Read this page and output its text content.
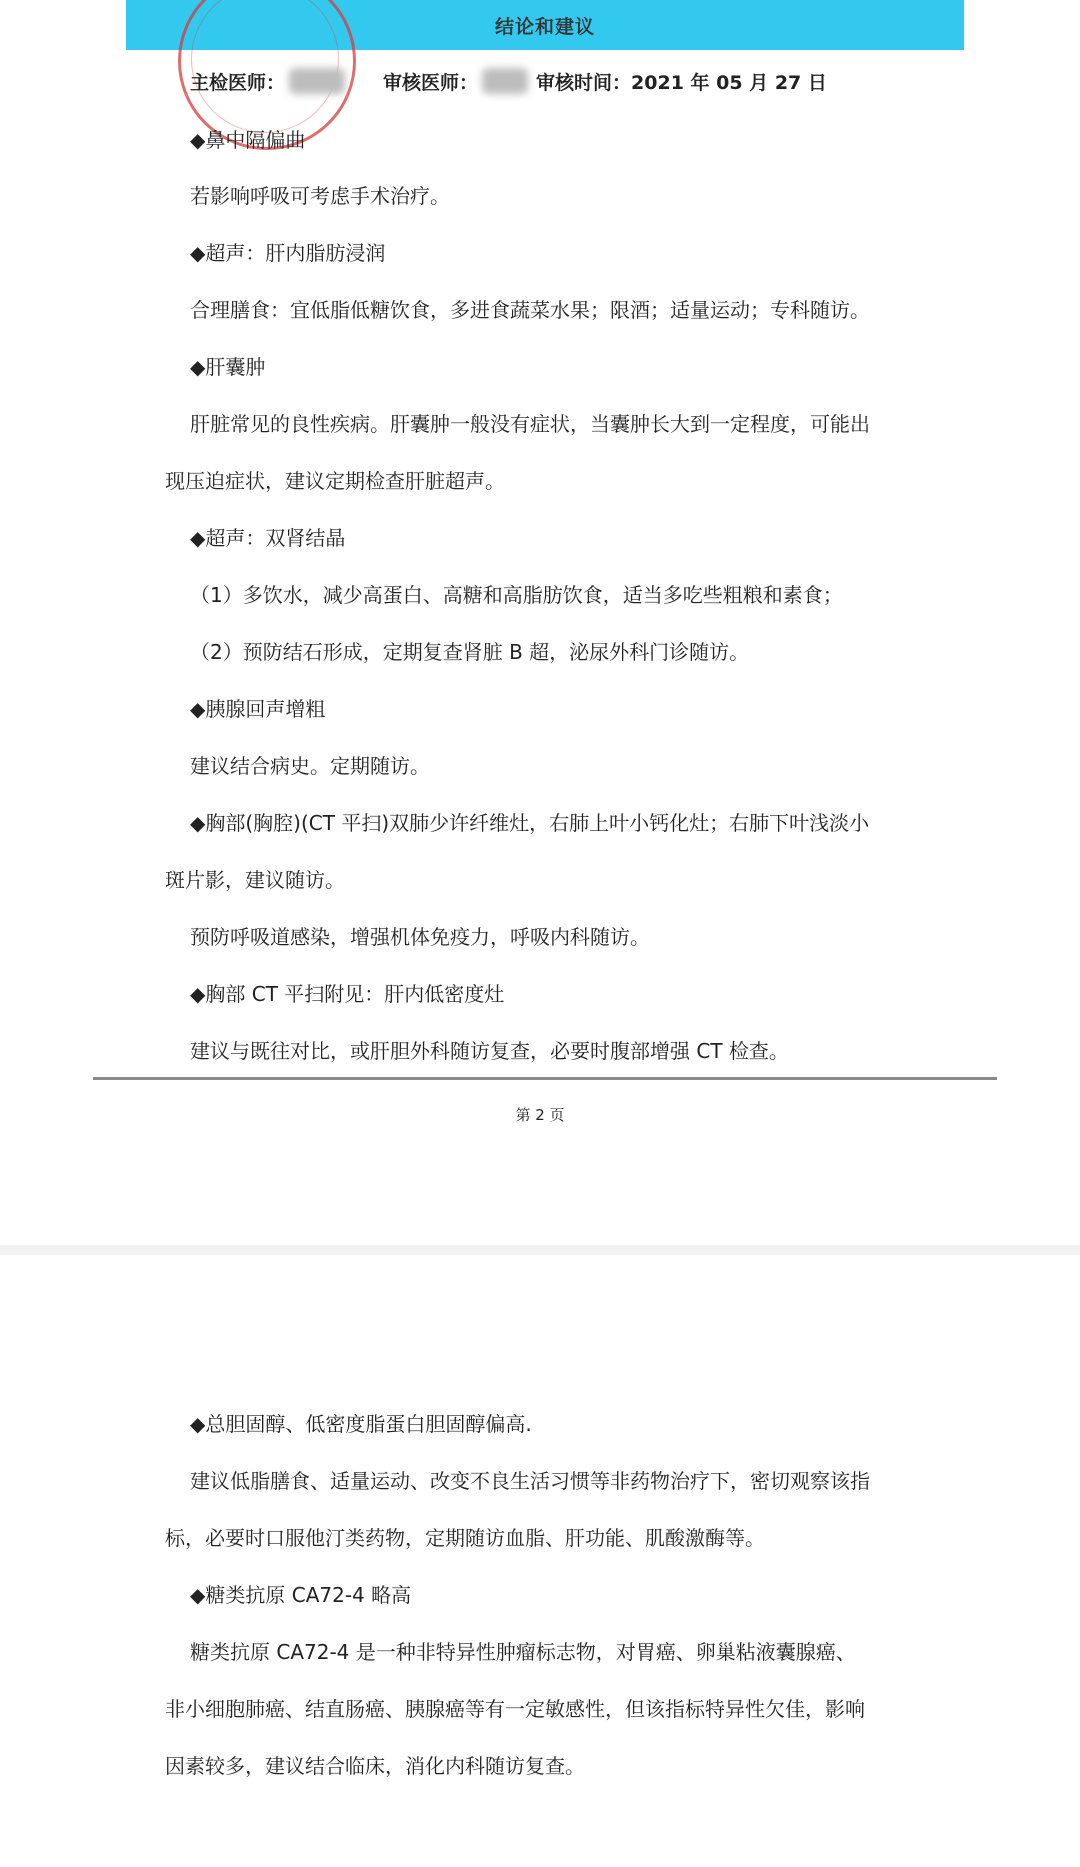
结论和建议
主检医师：	审核医师：	审核时间： 2021 年 05 月 27 日
◆鼻中隔偏曲
若影响呼吸可考虑手术治疗。
◆超声：肝内脂肪浸润
合理膳食：宜低脂低糖饮食，多进食蔬菜水果；限酒；适量运动；专科随访。
◆肝囊肿
肝脏常见的良性疾病。肝囊肿一般没有症状，当囊肿长大到一定程度，可能出
现压迫症状，建议定期检查肝脏超声。
◆超声：双肾结晶
（1）多饮水，减少高蛋白、高糖和高脂肪饮食，适当多吃些粗粮和素食；
（2）预防结石形成，定期复查肾脏 B 超，泌尿外科门诊随访。
◆胰腺回声增粗
建议结合病史。定期随访。
◆胸部(胸腔)(CT 平扫)双肺少许纤维灶，右肺上叶小钙化灶；右肺下叶浅淡小
斑片影，建议随访。
预防呼吸道感染，增强机体免疫力，呼吸内科随访。
◆胸部 CT 平扫附见：肝内低密度灶
建议与既往对比，或肝胆外科随访复查，必要时腹部增强 CT 检查。
第 2 页
◆总胆固醇、低密度脂蛋白胆固醇偏高.
建议低脂膳食、适量运动、改变不良生活习惯等非药物治疗下，密切观察该指
标，必要时口服他汀类药物，定期随访血脂、肝功能、肌酸激酶等。
◆糖类抗原 CA72-4 略高
糖类抗原 CA72-4 是一种非特异性肿瘤标志物，对胃癌、卵巢粘液囊腺癌、
非小细胞肺癌、结直肠癌、胰腺癌等有一定敏感性，但该指标特异性欠佳，影响
因素较多，建议结合临床，消化内科随访复查。
